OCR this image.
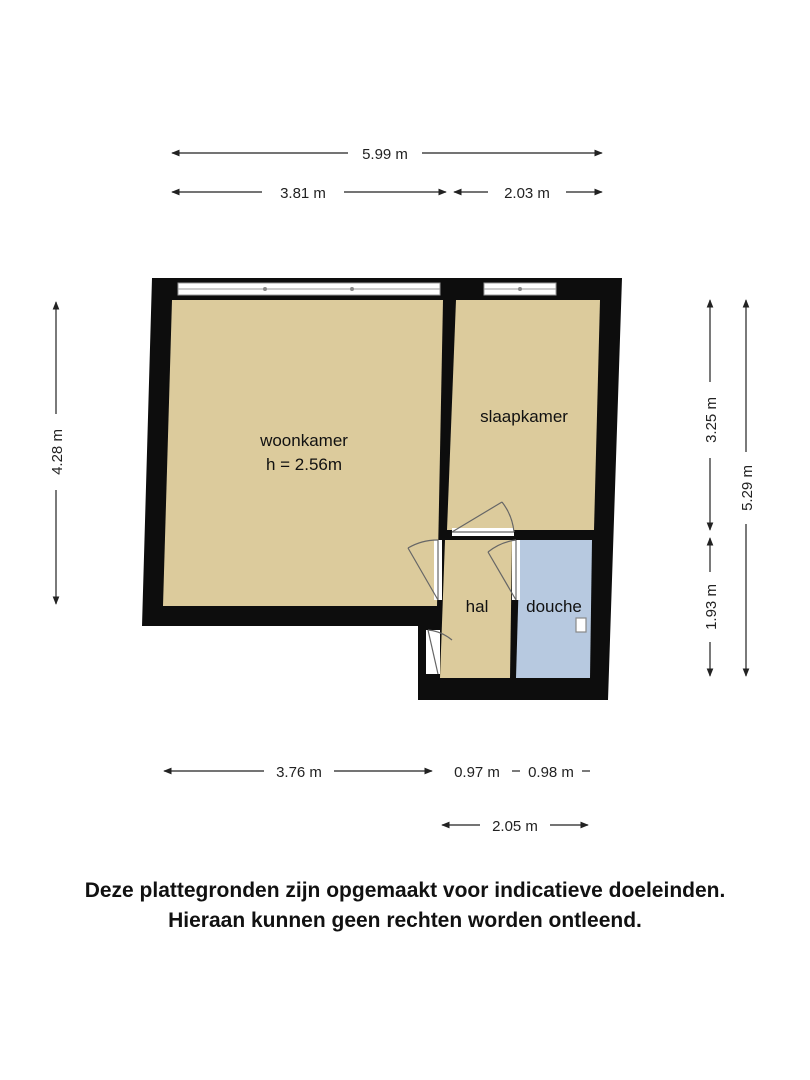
woonkamer
h = 2.56m
slaapkamer
hal douche
5.99 m
3.81 m	2.03 m
4.28 m
3.25 m
1.93 m
5.29 m
3.76 m	0.97 m 0.98 m
2.05 m
Deze plattegronden zijn opgemaakt voor indicatieve doeleinden.
Hieraan kunnen geen rechten worden ontleend.
